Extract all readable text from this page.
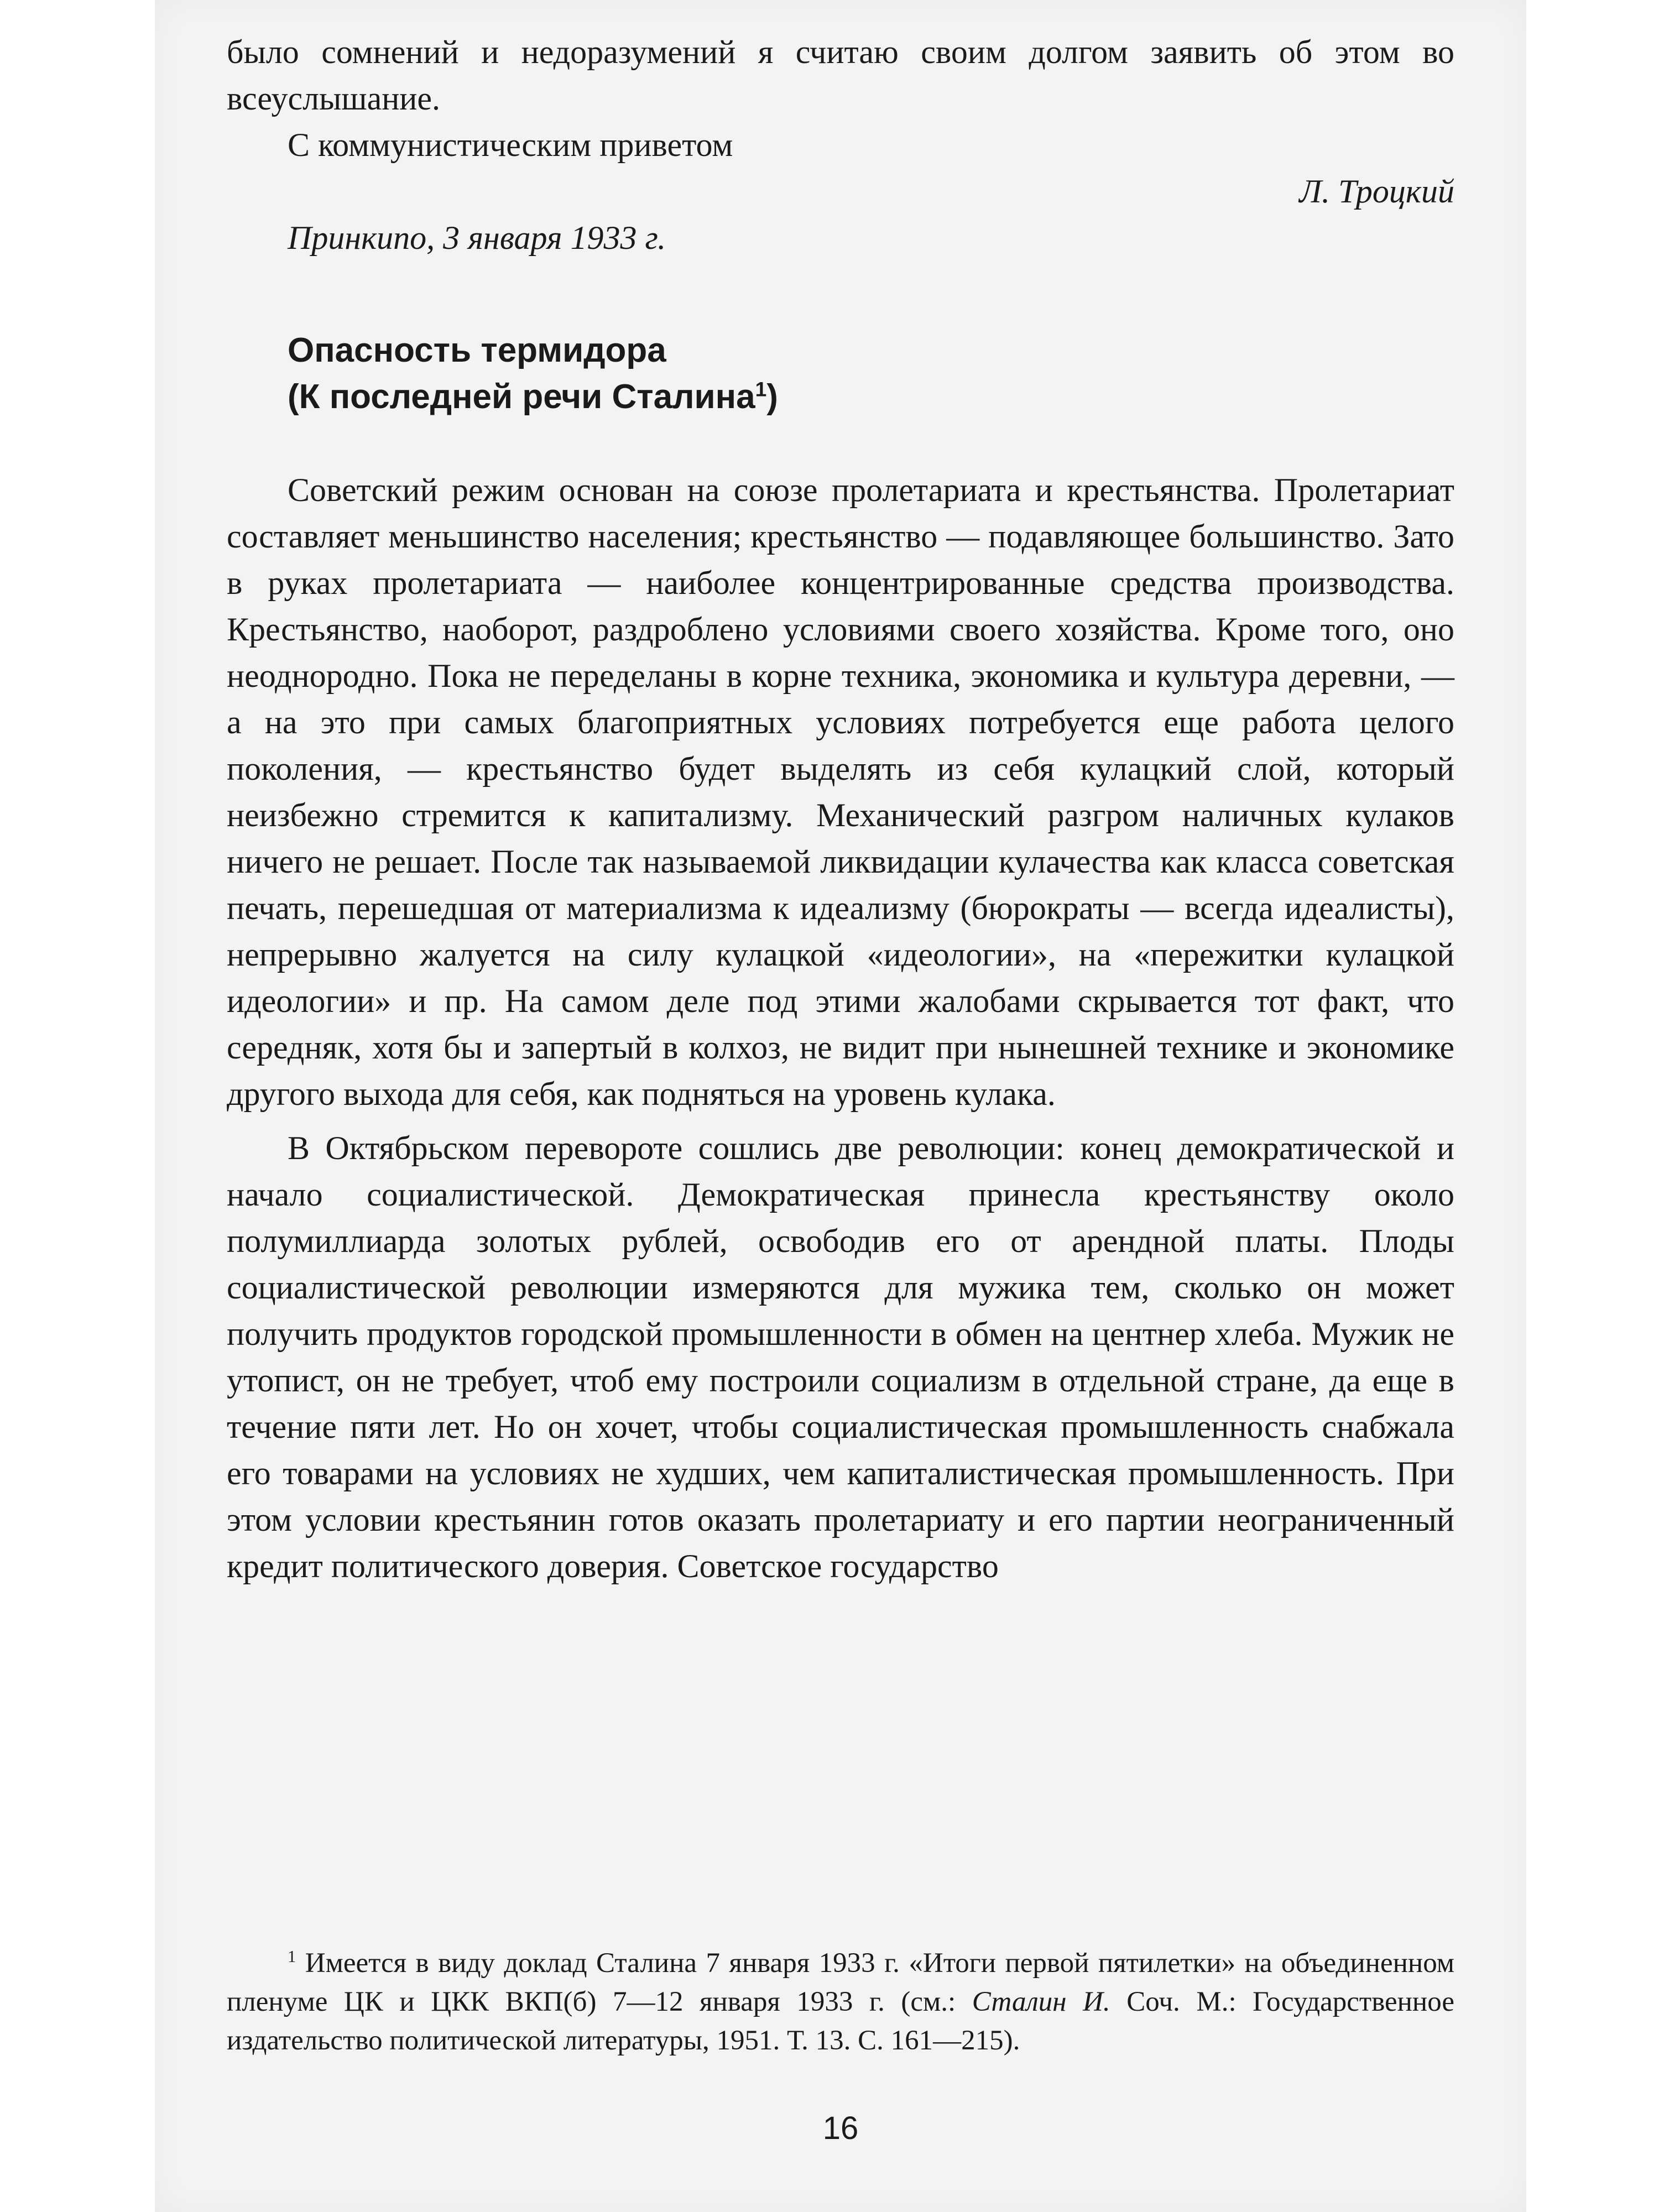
было сомнений и недоразумений я считаю своим долгом заявить об этом во всеуслышание.

С коммунистическим приветом

Л. Троцкий

Принкипо, 3 января 1933 г.

Опасность термидора
(К последней речи Сталина$^1$)

Советский режим основан на союзе пролетариата и крестьянства. Пролетариат составляет меньшинство населения; крестьянство — подавляющее большинство. Зато в руках пролетариата — наиболее концентрированные средства производства. Крестьянство, наоборот, раздроблено условиями своего хозяйства. Кроме того, оно неоднородно. Пока не переделаны в корне техника, экономика и культура деревни, — а на это при самых благоприятных условиях потребуется еще работа целого поколения, — крестьянство будет выделять из себя кулацкий слой, который неизбежно стремится к капитализму. Механический разгром наличных кулаков ничего не решает. После так называемой ликвидации кулачества как класса советская печать, перешедшая от материализма к идеализму (бюрократы — всегда идеалисты), непрерывно жалуется на силу кулацкой «идеологии», на «пережитки кулацкой идеологии» и пр. На самом деле под этими жалобами скрывается тот факт, что середняк, хотя бы и запертый в колхоз, не видит при нынешней технике и экономике другого выхода для себя, как подняться на уровень кулака.

В Октябрьском перевороте сошлись две революции: конец демократической и начало социалистической. Демократическая принесла крестьянству около полумиллиарда золотых рублей, освободив его от арендной платы. Плоды социалистической революции измеряются для мужика тем, сколько он может получить продуктов городской промышленности в обмен на центнер хлеба. Мужик не утопист, он не требует, чтоб ему построили социализм в отдельной стране, да еще в течение пяти лет. Но он хочет, чтобы социалистическая промышленность снабжала его товарами на условиях не худших, чем капиталистическая промышленность. При этом условии крестьянин готов оказать пролетариату и его партии неограниченный кредит политического доверия. Советское государство

$^1$ Имеется в виду доклад Сталина 7 января 1933 г. «Итоги первой пятилетки» на объединенном пленуме ЦК и ЦКК ВКП(б) 7—12 января 1933 г. (см.: Сталин И. Соч. М.: Государственное издательство политической литературы, 1951. Т. 13. С. 161—215).

16
